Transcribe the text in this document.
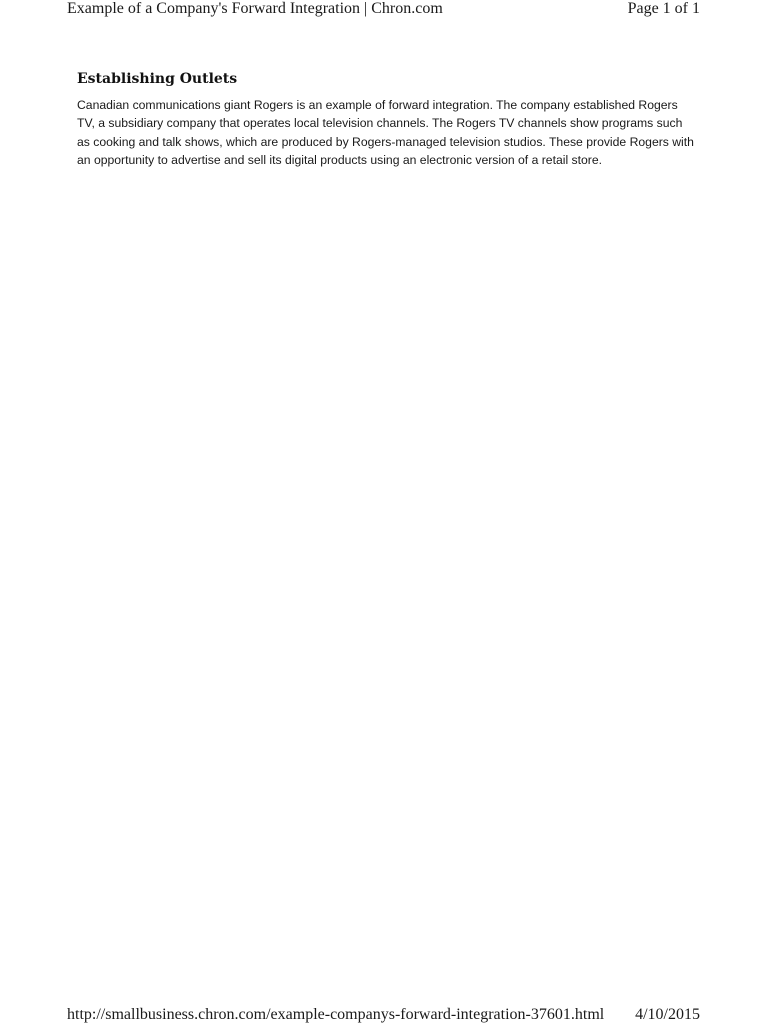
Example of a Company's Forward Integration | Chron.com	Page 1 of 1
Establishing Outlets

Canadian communications giant Rogers is an example of forward integration. The company established Rogers TV, a subsidiary company that operates local television channels. The Rogers TV channels show programs such as cooking and talk shows, which are produced by Rogers-managed television studios. These provide Rogers with an opportunity to advertise and sell its digital products using an electronic version of a retail store.

http://smallbusiness.chron.com/example-companys-forward-integration-37601.html 4/10/2015
